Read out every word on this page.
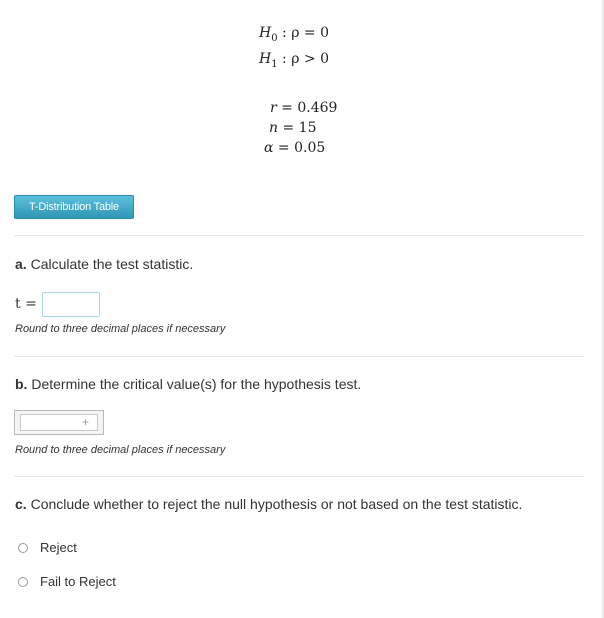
$H_0$ : ρ = 0
$H_1$ : ρ > 0
r = 0.469
n = 15
α = 0.05
T-Distribution Table
a. Calculate the test statistic.
t =
Round to three decimal places if necessary
b. Determine the critical value(s) for the hypothesis test.
+
Round to three decimal places if necessary
c. Conclude whether to reject the null hypothesis or not based on the test statistic.
Reject
Fail to Reject
